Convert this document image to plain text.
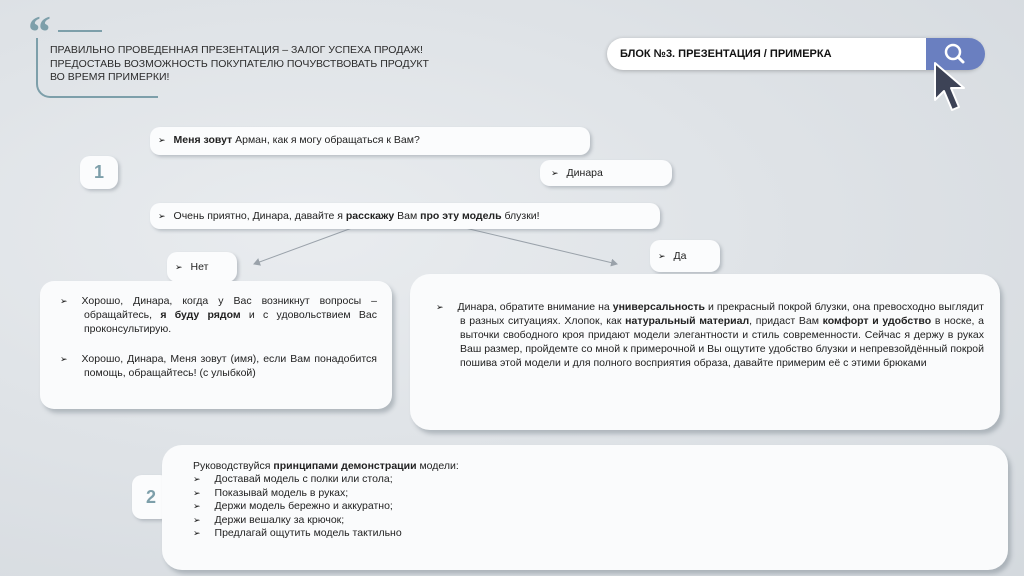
“ ПРАВИЛЬНО ПРОВЕДЕННАЯ ПРЕЗЕНТАЦИЯ – ЗАЛОГ УСПЕХА ПРОДАЖ!
ПРЕДОСТАВЬ ВОЗМОЖНОСТЬ ПОКУПАТЕЛЮ ПОЧУВСТВОВАТЬ ПРОДУКТ ВО ВРЕМЯ ПРИМЕРКИ!
БЛОК №3. ПРЕЗЕНТАЦИЯ / ПРИМЕРКА
1
➢ Меня зовут Арман, как я могу обращаться к Вам?
➢ Динара
➢ Очень приятно, Динара, давайте я расскажу Вам про эту модель блузки!
➢ Нет
➢ Хорошо, Динара, когда у Вас возникнут вопросы – обращайтесь, я буду рядом и с удовольствием Вас проконсультирую.
➢ Хорошо, Динара, Меня зовут (имя), если Вам понадобится помощь, обращайтесь! (с улыбкой)
➢ Да
➢ Динара, обратите внимание на универсальность и прекрасный покрой блузки, она превосходно выглядит в разных ситуациях. Хлопок, как натуральный материал, придаст Вам комфорт и удобство в носке, а выточки свободного кроя придают модели элегантности и стиль современности. Сейчас я держу в руках Ваш размер, пройдемте со мной к примерочной и Вы ощутите удобство блузки и непревзойдённый покрой пошива этой модели и для полного восприятия образа, давайте примерим её с этими брюками
2
Руководствуйся принципами демонстрации модели:
➢ Доставай модель с полки или стола;
➢ Показывай модель в руках;
➢ Держи модель бережно и аккуратно;
➢ Держи вешалку за крючок;
➢ Предлагай ощутить модель тактильно
